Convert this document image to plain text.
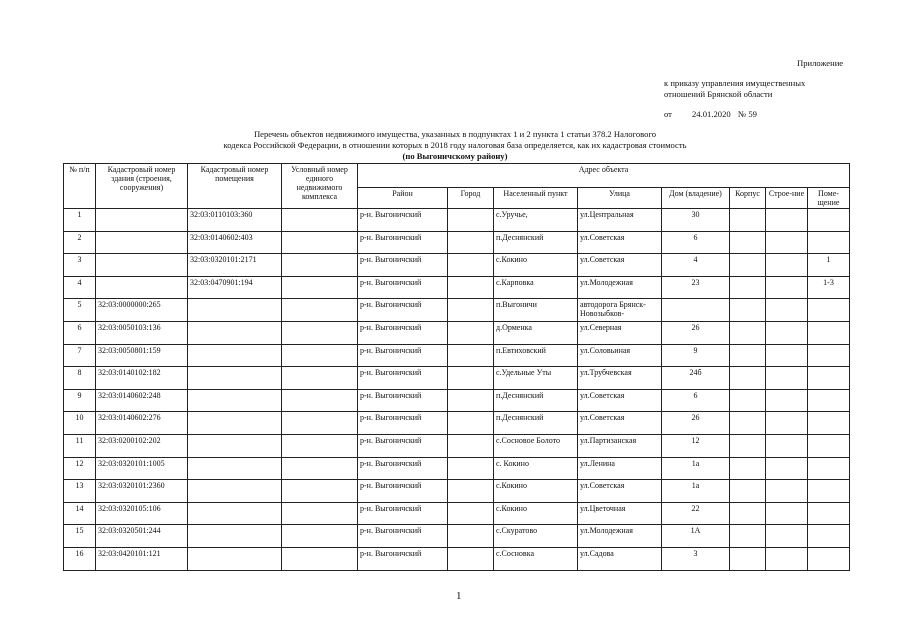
Приложение
к приказу управления имущественных
отношений Брянской области
от 24.01.2020 № 59
Перечень объектов недвижимого имущества, указанных в подпунктах 1 и 2 пункта 1 статьи 378.2 Налогового
кодекса Российской Федерации, в отношении которых в 2018 году налоговая база определяется, как их кадастровая стоимость
(по Выгоничскому району)
№ п/п	Кадастровый номер здания (строения, сооружения)	Кадастровый номер помещения	Условный номер единого недвижимого комплекса	Адрес объекта							
				Район	Город	Населенный пункт	Улица	Дом (владение)	Корпус	Строе-ние	Поме-щение
1		32:03:0110103:360		р-н. Выгоничский		с.Уручье,	ул.Центральная	30			
2		32:03:0140602:403		р-н. Выгоничский		п.Деснянский	ул.Советская	6			
3		32:03:0320101:2171		р-н. Выгоничский		с.Кокино	ул.Советская	4			1
4		32:03:0470901:194		р-н. Выгоничский		с.Карповка	ул.Молодежная	23			1-3
5	32:03:0000000:265			р-н. Выгоничский		п.Выгоничи	автодорога Брянск-Новозыбков-				
6	32:03:0050103:136			р-н. Выгоничский		д.Орменка	ул.Северная	26			
7	32:03:0050801:159			р-н. Выгоничский		п.Евтиховский	ул.Соловьиная	9			
8	32:03:0140102:182			р-н. Выгоничский		с.Удельные Уты	ул.Трубчевская	24б			
9	32:03:0140602:248			р-н. Выгоничский		п.Деснянский	ул.Советская	6			
10	32:03:0140602:276			р-н. Выгоничский		п.Деснянский	ул.Советская	26			
11	32:03:0200102:202			р-н. Выгоничский		с.Сосновое Болото	ул.Партизанская	12			
12	32:03:0320101:1005			р-н. Выгоничский		с. Кокино	ул.Ленина	1а			
13	32:03:0320101:2360			р-н. Выгоничский		с.Кокино	ул.Советская	1а			
14	32:03:0320105:106			р-н. Выгоничский		с.Кокино	ул.Цветочная	22			
15	32:03:0320501:244			р-н. Выгоничский		с.Скуратово	ул.Молодежная	1А			
16	32:03:0420101:121			р-н. Выгоничский		с.Сосновка	ул.Садова	3			
1
